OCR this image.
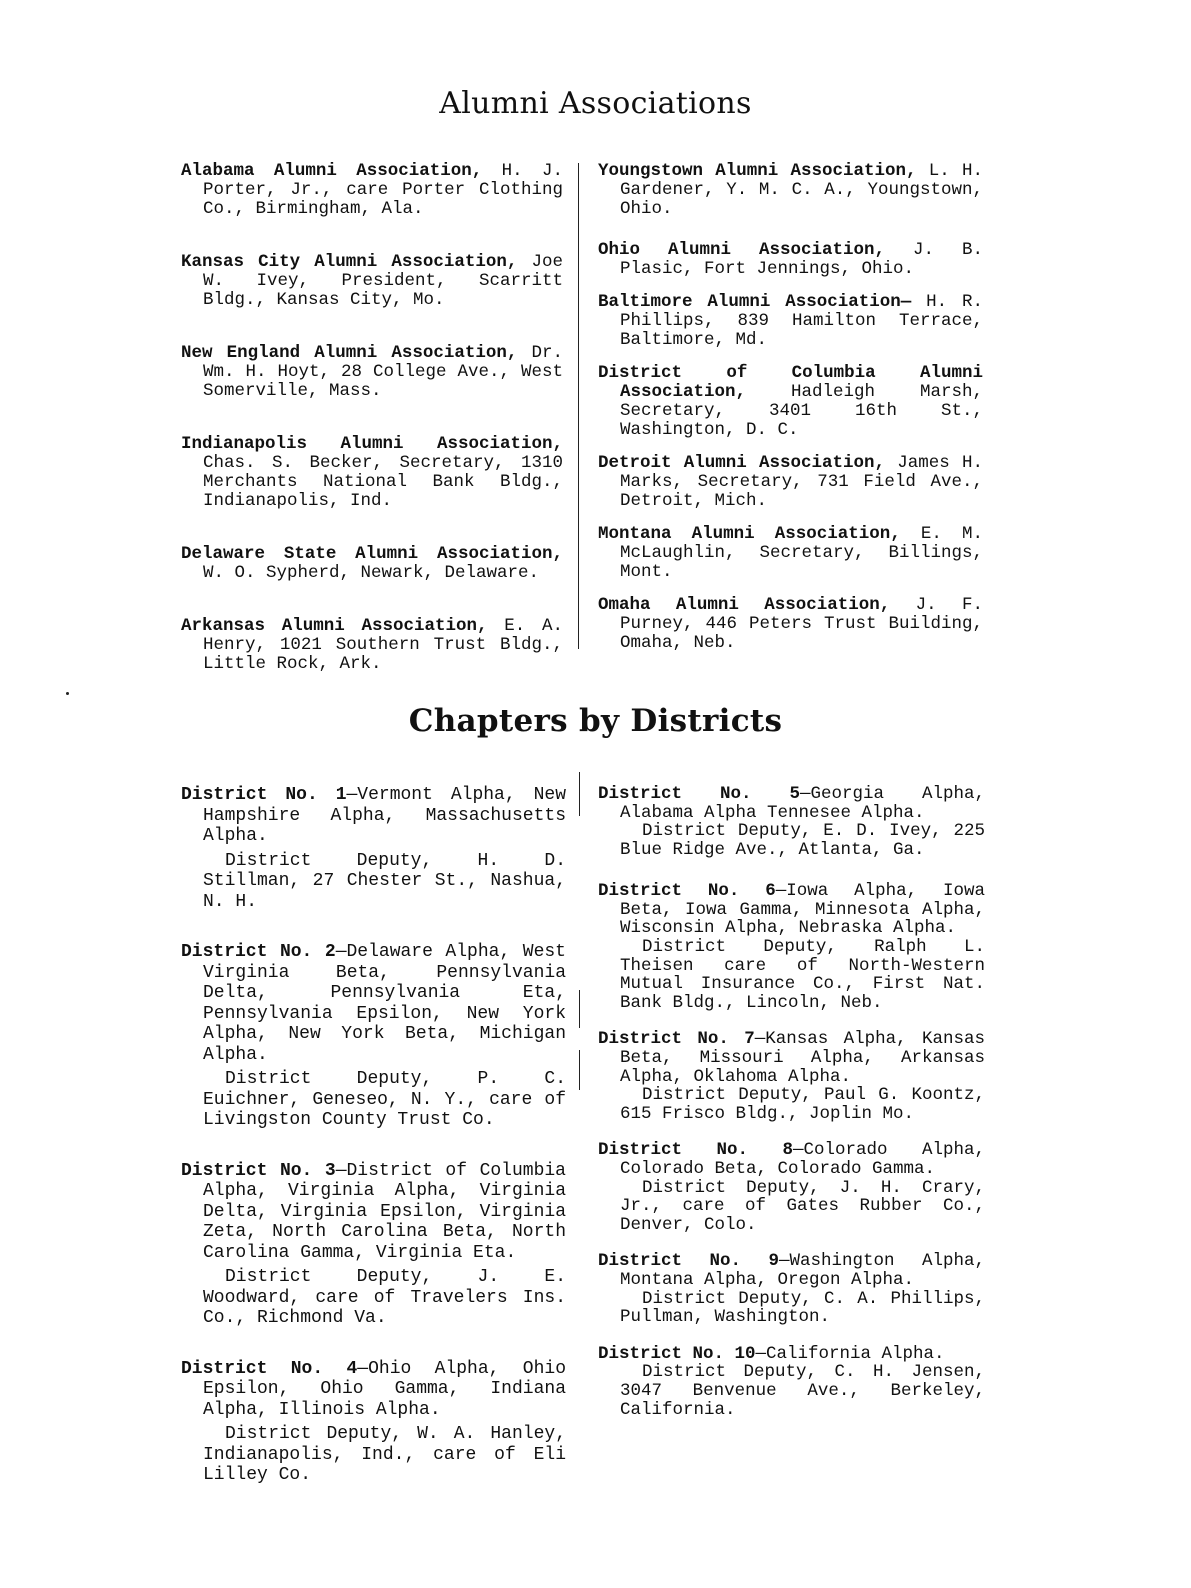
Alumni Associations

Alabama Alumni Association, H. J. Porter, Jr., care Porter Clothing Co., Birmingham, Ala.

Kansas City Alumni Association, Joe W. Ivey, President, Scarritt Bldg., Kansas City, Mo.

New England Alumni Association, Dr. Wm. H. Hoyt, 28 College Ave., West Somerville, Mass.

Indianapolis Alumni Association, Chas. S. Becker, Secretary, 1310 Merchants National Bank Bldg., Indianapolis, Ind.

Delaware State Alumni Association, W. O. Sypherd, Newark, Delaware.

Arkansas Alumni Association, E. A. Henry, 1021 Southern Trust Bldg., Little Rock, Ark.

Youngstown Alumni Association, L. H. Gardener, Y. M. C. A., Youngstown, Ohio.

Ohio Alumni Association, J. B. Plasic, Fort Jennings, Ohio.

Baltimore Alumni Association— H. R. Phillips, 839 Hamilton Terrace, Baltimore, Md.

District of Columbia Alumni Association,	Hadleigh Marsh, Secretary, 3401 16th St., Washington, D. C.

Detroit Alumni Association, James H. Marks, Secretary, 731 Field Ave., Detroit, Mich.

Montana Alumni Association, E. M. McLaughlin, Secretary, Billings, Mont.

Omaha Alumni Association, J. F. Purney, 446 Peters Trust Building, Omaha, Neb.

Chapters by Districts

District No. 1—Vermont Alpha, New Hampshire Alpha, Massachusetts Alpha.

District Deputy, H. D. Stillman, 27 Chester St., Nashua, N. H.

District No. 2—Delaware Alpha, West Virginia Beta, Pennsylvania Delta, Pennsylvania Eta, Pennsylvania Epsilon, New York Alpha, New York Beta, Michigan Alpha.

District Deputy, P. C. Euichner, Geneseo, N. Y., care of Livingston County Trust Co.

District No. 3—District of Columbia Alpha, Virginia Alpha, Virginia Delta, Virginia Epsilon, Virginia Zeta, North Carolina Beta, North Carolina Gamma, Virginia Eta.

District Deputy, J. E. Woodward, care of Travelers Ins. Co., Richmond Va.

District No. 4—Ohio Alpha, Ohio Epsilon, Ohio Gamma, Indiana Alpha, Illinois Alpha.

District Deputy, W. A. Hanley, Indianapolis, Ind., care of Eli Lilley Co.

District No. 5—Georgia Alpha, Alabama Alpha Tennesee Alpha.

District Deputy, E. D. Ivey, 225 Blue Ridge Ave., Atlanta, Ga.

District No. 6—Iowa Alpha, Iowa Beta, Iowa Gamma, Minnesota Alpha, Wisconsin Alpha, Nebraska Alpha.

District Deputy, Ralph L. Theisen care of North-Western Mutual Insurance Co., First Nat. Bank Bldg., Lincoln, Neb.

District No. 7—Kansas Alpha, Kansas Beta, Missouri Alpha, Arkansas Alpha, Oklahoma Alpha.

District Deputy, Paul G. Koontz, 615 Frisco Bldg., Joplin Mo.

District No. 8—Colorado Alpha, Colorado Beta, Colorado Gamma.

District Deputy, J. H. Crary, Jr., care of Gates Rubber Co., Denver, Colo.

District No. 9—Washington Alpha, Montana Alpha, Oregon Alpha.

District Deputy, C. A. Phillips, Pullman, Washington.

District No. 10—California Alpha.

District Deputy, C. H. Jensen, 3047 Benvenue Ave., Berkeley, California.
